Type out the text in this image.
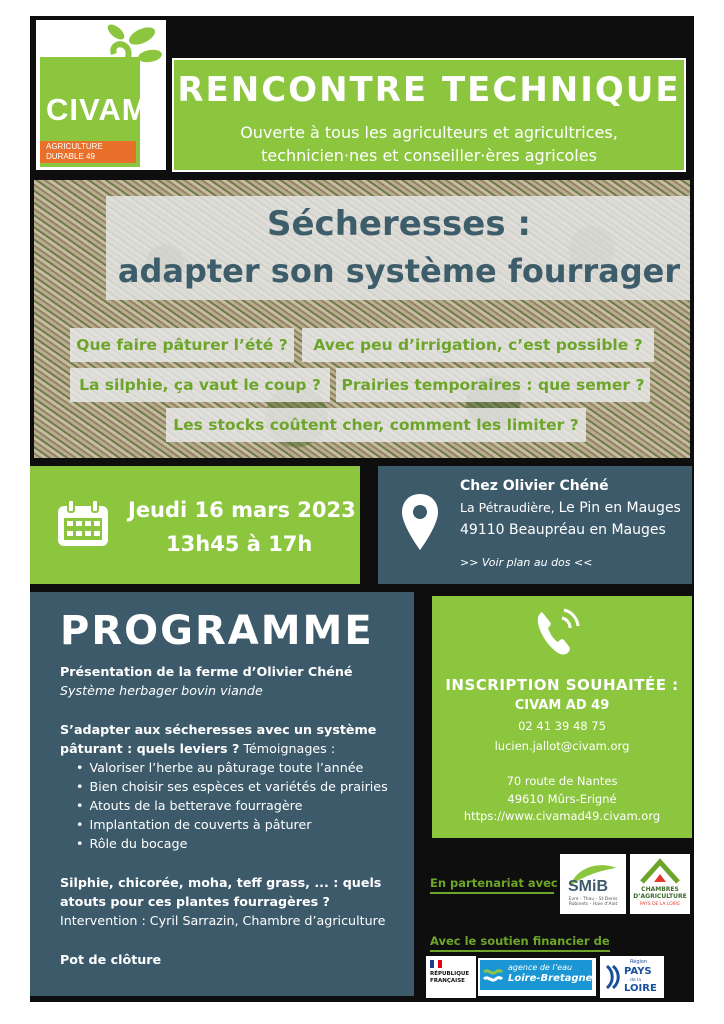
CIVAM
AGRICULTURE
DURABLE 49
RENCONTRE TECHNIQUE
Ouverte à tous les agriculteurs et agricultrices,
technicien·nes et conseiller·ères agricoles
Sécheresses :
adapter son système fourrager
Que faire pâturer l’été ?	Avec peu d’irrigation, c’est possible ?
La silphie, ça vaut le coup ?	Prairies temporaires : que semer ?
Les stocks coûtent cher, comment les limiter ?
Jeudi 16 mars 2023
13h45 à 17h
Chez Olivier Chéné
La Pétraudière, Le Pin en Mauges
49110 Beaupréau en Mauges
>> Voir plan au dos <<
PROGRAMME
Présentation de la ferme d’Olivier Chéné
Système herbager bovin viande
S’adapter aux sécheresses avec un système
pâturant : quels leviers ? Témoignages :
• Valoriser l’herbe au pâturage toute l’année
• Bien choisir ses espèces et variétés de prairies
• Atouts de la betterave fourragère
• Implantation de couverts à pâturer
• Rôle du bocage
Silphie, chicorée, moha, teff grass, ... : quels
atouts pour ces plantes fourragères ?
Intervention : Cyril Sarrazin, Chambre d’agriculture
Pot de clôture
INSCRIPTION SOUHAITÉE :
CIVAM AD 49
02 41 39 48 75
lucien.jallot@civam.org
70 route de Nantes
49610 Mûrs-Erigné
https://www.civamad49.civam.org
En partenariat avec SMiB
Evre - Thau - St Denis Robinets - Haie d'Alot
CHAMBRES D’AGRICULTURE
PAYS DE LA LOIRE
Avec le soutien financier de
RÉPUBLIQUE
FRANÇAISE
agence de l’eau
Loire-Bretagne
Région
PAYS
de la
LOIRE
